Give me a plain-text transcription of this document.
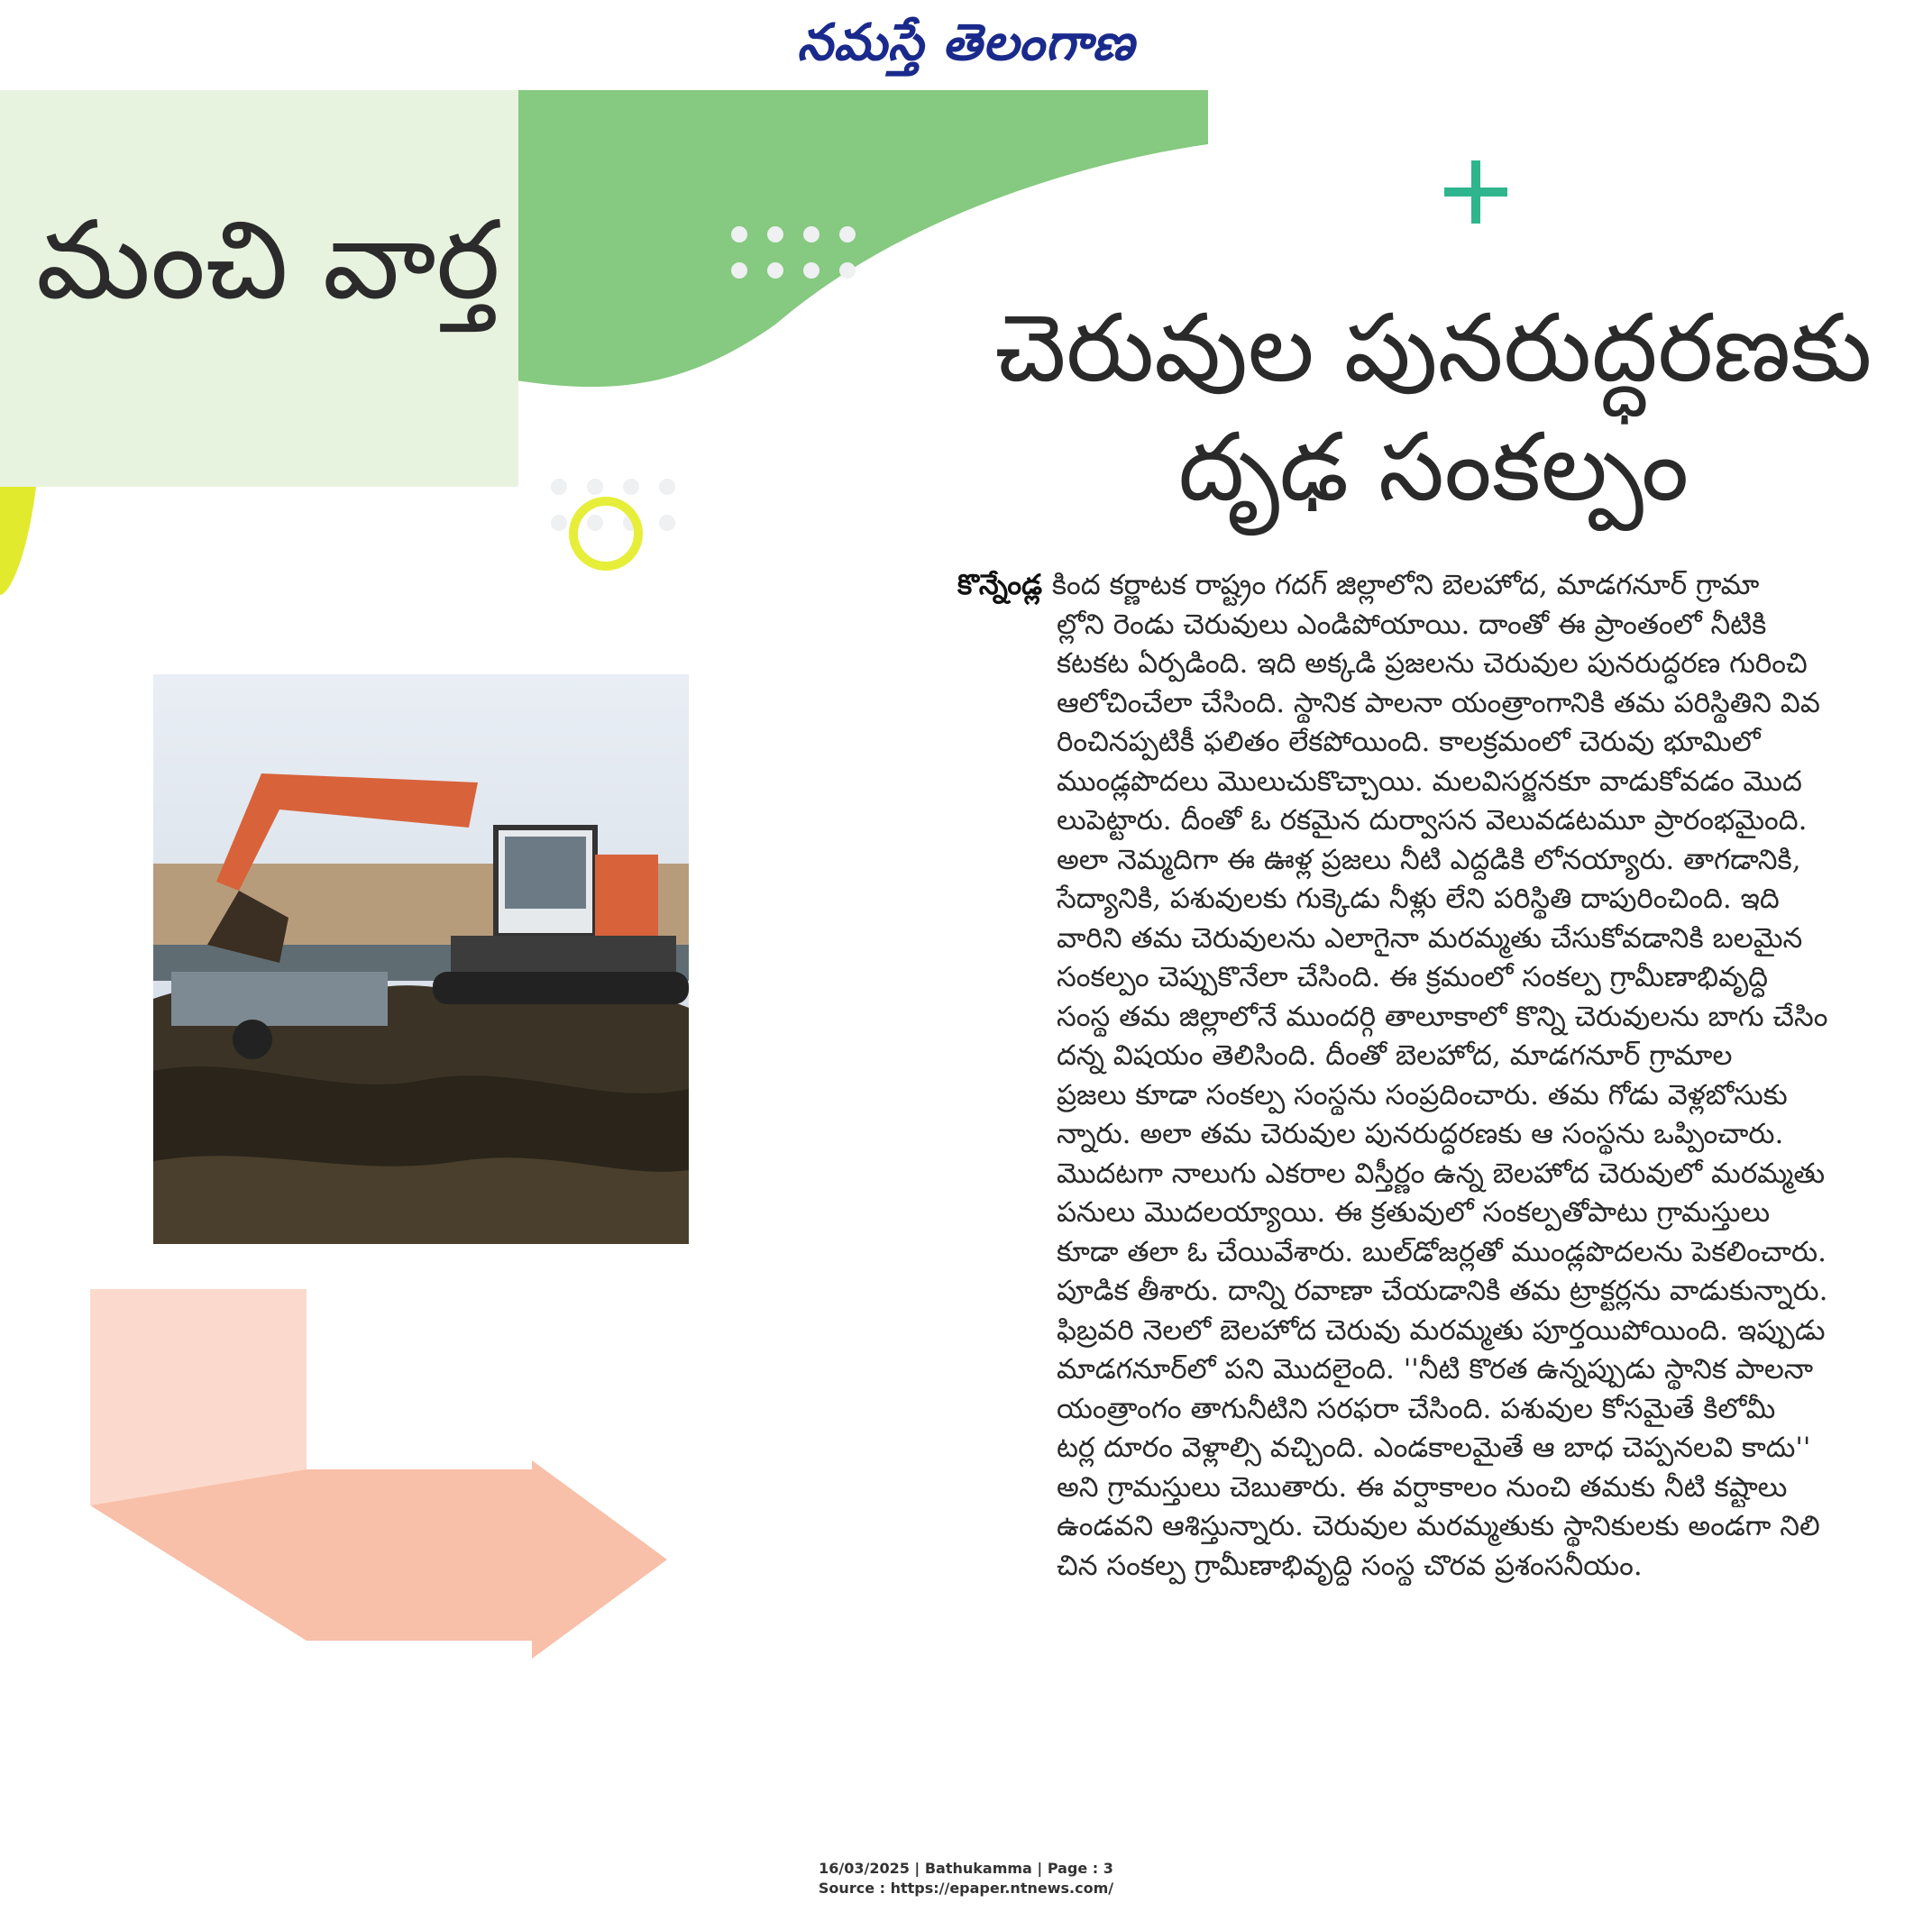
నమస్తే తెలంగాణ
మంచి వార్త
చెరువుల పునరుద్ధరణకు
దృఢ సంకల్పం
కొన్నేండ్ల కింద కర్ణాటక రాష్ట్రం గదగ్ జిల్లాలోని బెలహోద, మాడగనూర్ గ్రామా
ల్లోని రెండు చెరువులు ఎండిపోయాయి. దాంతో ఈ ప్రాంతంలో నీటికి
కటకట ఏర్పడింది. ఇది అక్కడి ప్రజలను చెరువుల పునరుద్ధరణ గురించి
ఆలోచించేలా చేసింది. స్థానిక పాలనా యంత్రాంగానికి తమ పరిస్థితిని వివ
రించినప్పటికీ ఫలితం లేకపోయింది. కాలక్రమంలో చెరువు భూమిలో
ముండ్లపొదలు మొలుచుకొచ్చాయి. మలవిసర్జనకూ వాడుకోవడం మొద
లుపెట్టారు. దీంతో ఓ రకమైన దుర్వాసన వెలువడటమూ ప్రారంభమైంది.
అలా నెమ్మదిగా ఈ ఊళ్ల ప్రజలు నీటి ఎద్దడికి లోనయ్యారు. తాగడానికి,
సేద్యానికి, పశువులకు గుక్కెడు నీళ్లు లేని పరిస్థితి దాపురించింది. ఇది
వారిని తమ చెరువులను ఎలాగైనా మరమ్మతు చేసుకోవడానికి బలమైన
సంకల్పం చెప్పుకొనేలా చేసింది. ఈ క్రమంలో సంకల్ప గ్రామీణాభివృద్ధి
సంస్థ తమ జిల్లాలోనే ముందర్గి తాలూకాలో కొన్ని చెరువులను బాగు చేసిం
దన్న విషయం తెలిసింది. దీంతో బెలహోద, మాడగనూర్ గ్రామాల
ప్రజలు కూడా సంకల్ప సంస్థను సంప్రదించారు. తమ గోడు వెళ్లబోసుకు
న్నారు. అలా తమ చెరువుల పునరుద్ధరణకు ఆ సంస్థను ఒప్పించారు.
మొదటగా నాలుగు ఎకరాల విస్తీర్ణం ఉన్న బెలహోద చెరువులో మరమ్మతు
పనులు మొదలయ్యాయి. ఈ క్రతువులో సంకల్పతోపాటు గ్రామస్తులు
కూడా తలా ఓ చేయివేశారు. బుల్‌డోజర్లతో ముండ్లపొదలను పెకలించారు.
పూడిక తీశారు. దాన్ని రవాణా చేయడానికి తమ ట్రాక్టర్లను వాడుకున్నారు.
ఫిబ్రవరి నెలలో బెలహోద చెరువు మరమ్మతు పూర్తయిపోయింది. ఇప్పుడు
మాడగనూర్‌లో పని మొదలైంది. ''నీటి కొరత ఉన్నప్పుడు స్థానిక పాలనా
యంత్రాంగం తాగునీటిని సరఫరా చేసింది. పశువుల కోసమైతే కిలోమీ
టర్ల దూరం వెళ్లాల్సి వచ్చింది. ఎండకాలమైతే ఆ బాధ చెప్పనలవి కాదు''
అని గ్రామస్తులు చెబుతారు. ఈ వర్షాకాలం నుంచి తమకు నీటి కష్టాలు
ఉండవని ఆశిస్తున్నారు. చెరువుల మరమ్మతుకు స్థానికులకు అండగా నిలి
చిన సంకల్ప గ్రామీణాభివృద్ధి సంస్థ చొరవ ప్రశంసనీయం.
16/03/2025 | Bathukamma | Page : 3
Source : https://epaper.ntnews.com/
